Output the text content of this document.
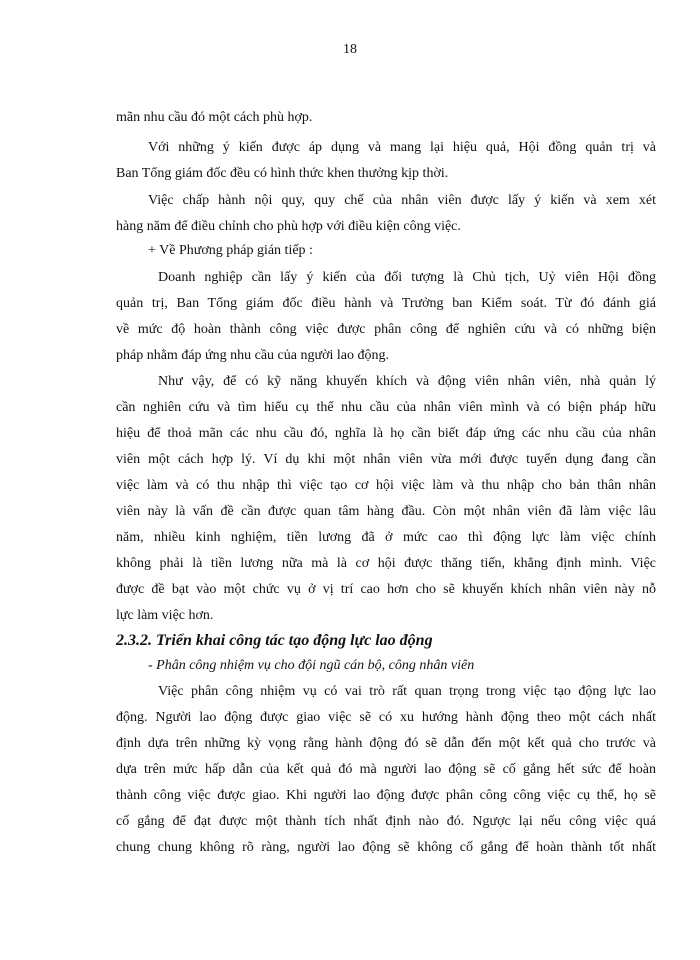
18
mãn nhu cầu đó một cách phù hợp.
Với những ý kiến được áp dụng và mang lại hiệu quả, Hội đồng quản trị và
Ban Tổng giám đốc đều có hình thức khen thưởng kịp thời.
Việc chấp hành nội quy, quy chế của nhân viên được lấy ý kiến và xem xét
hàng năm để điều chỉnh cho phù hợp với điều kiện công việc.
+ Về Phương pháp gián tiếp :
Doanh nghiệp cần lấy ý kiến của đối tượng là Chủ tịch, Uỷ viên Hội đồng
quản trị, Ban Tổng giám đốc điều hành và Trưởng ban Kiểm soát. Từ đó đánh giá
về mức độ hoàn thành công việc được phân công để nghiên cứu và có những biện
pháp nhằm đáp ứng nhu cầu của người lao động.
Như vậy, để có kỹ năng khuyến khích và động viên nhân viên, nhà quản lý
cần nghiên cứu và tìm hiểu cụ thể nhu cầu của nhân viên mình và có biện pháp hữu
hiệu để thoả mãn các nhu cầu đó, nghĩa là họ cần biết đáp ứng các nhu cầu của nhân
viên một cách hợp lý. Ví dụ khi một nhân viên vừa mới được tuyển dụng đang cần
việc làm và có thu nhập thì việc tạo cơ hội việc làm và thu nhập cho bản thân nhân
viên này là vấn đề cần được quan tâm hàng đầu. Còn một nhân viên đã làm việc lâu
năm, nhiều kinh nghiệm, tiền lương đã ở mức cao thì động lực làm việc chính
không phải là tiền lương nữa mà là cơ hội được thăng tiến, khẳng định mình. Việc
được đề bạt vào một chức vụ ở vị trí cao hơn cho sẽ khuyến khích nhân viên này nỗ
lực làm việc hơn.
2.3.2. Triển khai công tác tạo động lực lao động
- Phân công nhiệm vụ cho đội ngũ cán bộ, công nhân viên
Việc phân công nhiệm vụ có vai trò rất quan trọng trong việc tạo động lực lao
động. Người lao động được giao việc sẽ có xu hướng hành động theo một cách nhất
định dựa trên những kỳ vọng rằng hành động đó sẽ dẫn đến một kết quả cho trước và
dựa trên mức hấp dẫn của kết quả đó mà người lao động sẽ cố gắng hết sức để hoàn
thành công việc được giao. Khi người lao động được phân công công việc cụ thể, họ sẽ
cố gắng để đạt được một thành tích nhất định nào đó. Ngược lại nếu công việc quá
chung chung không rõ ràng, người lao động sẽ không cố gắng để hoàn thành tốt nhất
